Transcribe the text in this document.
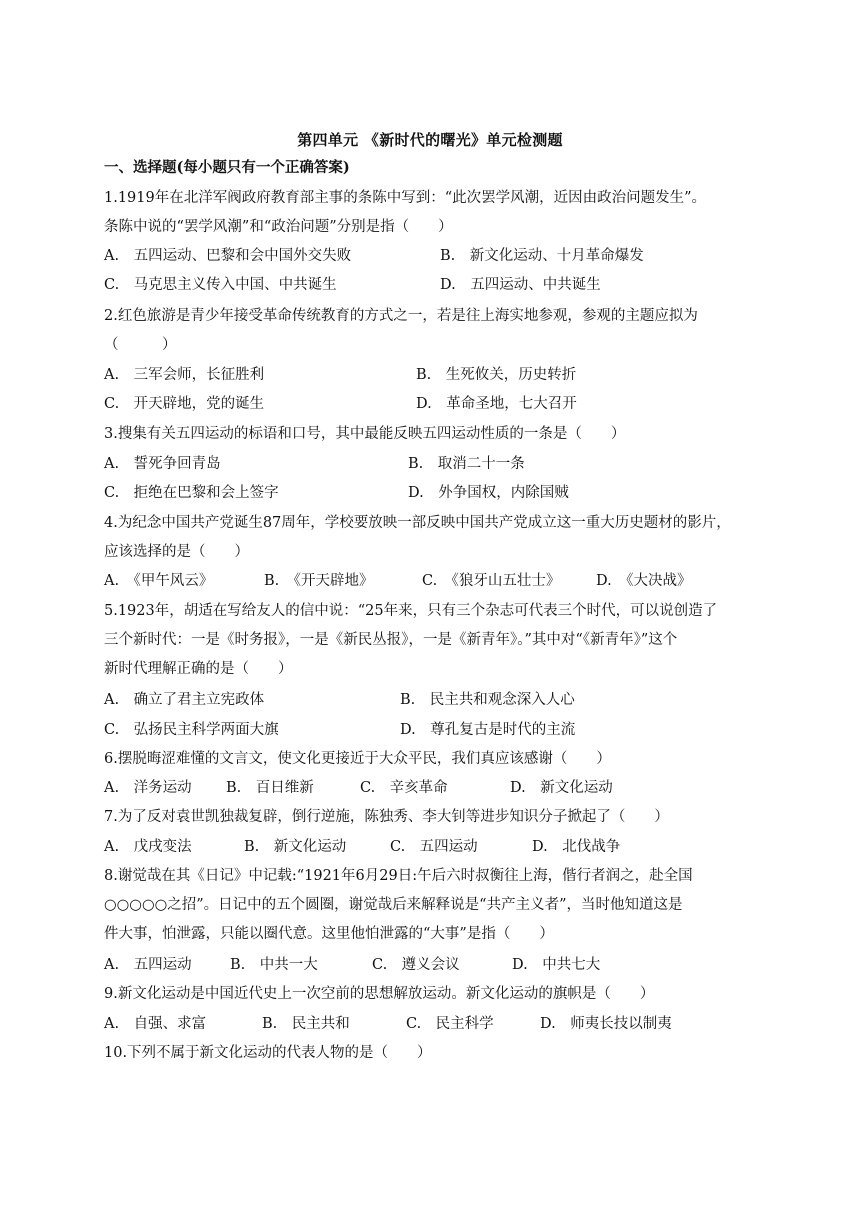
第四单元 《新时代的曙光》单元检测题
一、选择题(每小题只有一个正确答案)
1.1919年在北洋军阀政府教育部主事的条陈中写到：“此次罢学风潮，近因由政治问题发生”。
条陈中说的“罢学风潮”和“政治问题”分别是指（　　）
A.　五四运动、巴黎和会中国外交失败	B.　新文化运动、十月革命爆发
C.　马克思主义传入中国、中共诞生	D.　五四运动、中共诞生
2.红色旅游是青少年接受革命传统教育的方式之一，若是往上海实地参观，参观的主题应拟为
（　　　）
A.　三军会师，长征胜利	B.　生死攸关，历史转折
C.　开天辟地，党的诞生	D.　革命圣地，七大召开
3.搜集有关五四运动的标语和口号，其中最能反映五四运动性质的一条是（　　）
A.　誓死争回青岛	B.　取消二十一条
C.　拒绝在巴黎和会上签字	D.　外争国权，内除国贼
4.为纪念中国共产党诞生87周年，学校要放映一部反映中国共产党成立这一重大历史题材的影片，
应该选择的是（　　）
A.　《甲午风云》	B.　《开天辟地》	C.　《狼牙山五壮士》 D.　《大决战》
5.1923年，胡适在写给友人的信中说：“25年来，只有三个杂志可代表三个时代，可以说创造了
三个新时代：一是《时务报》，一是《新民丛报》，一是《新青年》。”其中对“《新青年》”这个
新时代理解正确的是（　　）
A.　确立了君主立宪政体	B.　民主共和观念深入人心
C.　弘扬民主科学两面大旗	D.　尊孔复古是时代的主流
6.摆脱晦涩难懂的文言文，使文化更接近于大众平民，我们真应该感谢（　　）
A.　洋务运动 B.　百日维新	C.　辛亥革命	D.　新文化运动
7.为了反对袁世凯独裁复辟，倒行逆施，陈独秀、李大钊等进步知识分子掀起了（　　）
A.　戊戌变法	B.　新文化运动	C.　五四运动	D.　北伐战争
8.谢觉哉在其《日记》中记载:“1921年6月29日:午后六时叔衡往上海，偕行者润之，赴全国
○○○○○之招”。日记中的五个圆圈，谢觉哉后来解释说是“共产主义者”，当时他知道这是
件大事，怕泄露，只能以圈代意。这里他怕泄露的“大事”是指（　　）
A.　五四运动	B.　中共一大	C.　遵义会议	D.　中共七大
9.新文化运动是中国近代史上一次空前的思想解放运动。新文化运动的旗帜是（　　）
A.　自强、求富	B.　民主共和	C.　民主科学	D.　师夷长技以制夷
10.下列不属于新文化运动的代表人物的是（　　）
